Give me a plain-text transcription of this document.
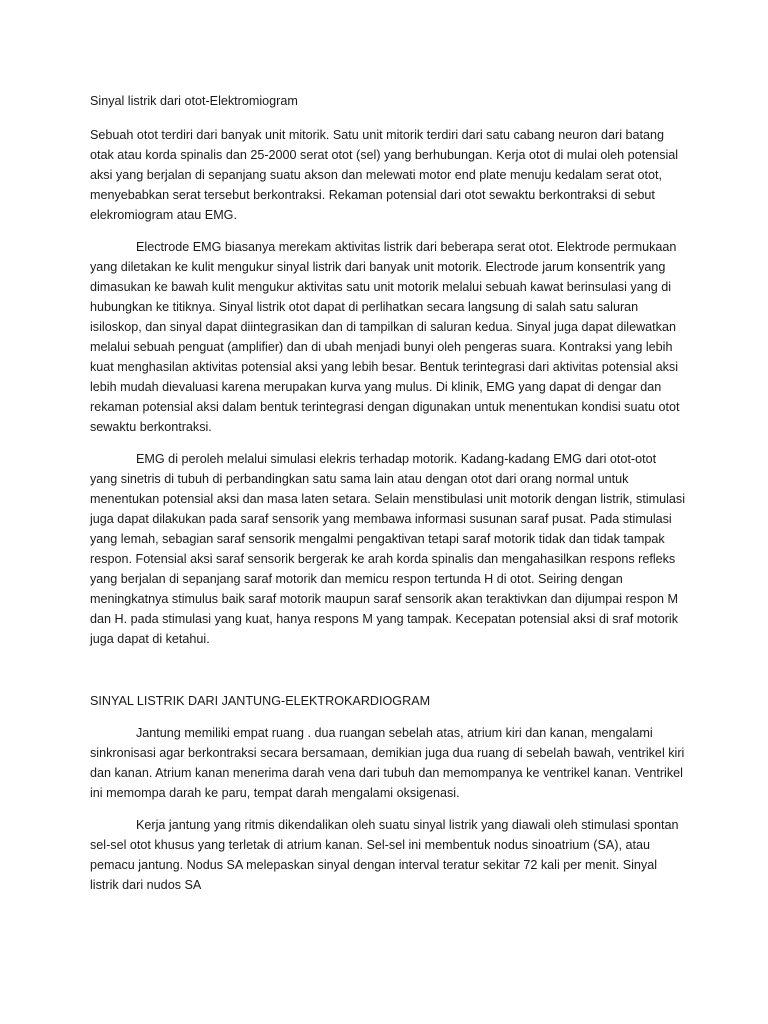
Sinyal listrik dari otot-Elektromiogram

Sebuah otot terdiri dari banyak unit mitorik. Satu unit mitorik terdiri dari satu cabang neuron dari batang otak atau korda spinalis dan 25-2000 serat otot (sel) yang berhubungan. Kerja otot di mulai oleh potensial aksi yang berjalan di sepanjang suatu akson dan melewati motor end plate menuju kedalam serat otot, menyebabkan serat tersebut berkontraksi. Rekaman potensial dari otot sewaktu berkontraksi di sebut elekromiogram atau EMG.

Electrode EMG biasanya merekam aktivitas listrik dari beberapa serat otot. Elektrode permukaan yang diletakan ke kulit mengukur sinyal listrik dari banyak unit motorik. Electrode jarum konsentrik yang dimasukan ke bawah kulit mengukur aktivitas satu unit motorik melalui sebuah kawat berinsulasi yang di hubungkan ke titiknya. Sinyal listrik otot dapat di perlihatkan secara langsung di salah satu saluran isiloskop, dan sinyal dapat diintegrasikan dan di tampilkan di saluran kedua. Sinyal juga dapat dilewatkan melalui sebuah penguat (amplifier) dan di ubah menjadi bunyi oleh pengeras suara. Kontraksi yang lebih kuat menghasilan aktivitas potensial aksi yang lebih besar. Bentuk terintegrasi dari aktivitas potensial aksi lebih mudah dievaluasi karena merupakan kurva yang mulus. Di klinik, EMG yang dapat di dengar dan rekaman potensial aksi dalam bentuk terintegrasi dengan digunakan untuk menentukan kondisi suatu otot sewaktu berkontraksi.

EMG di peroleh melalui simulasi elekris terhadap motorik. Kadang-kadang EMG dari otot-otot yang sinetris di tubuh di perbandingkan satu sama lain atau dengan otot dari orang normal untuk menentukan potensial aksi dan masa laten setara. Selain menstibulasi unit motorik dengan listrik, stimulasi juga dapat dilakukan pada saraf sensorik yang membawa informasi susunan saraf pusat. Pada stimulasi yang lemah, sebagian saraf sensorik mengalmi pengaktivan tetapi saraf motorik tidak dan tidak tampak respon. Fotensial aksi saraf sensorik bergerak ke arah korda spinalis dan mengahasilkan respons refleks yang berjalan di sepanjang saraf motorik dan memicu respon tertunda H di otot. Seiring dengan meningkatnya stimulus baik saraf motorik maupun saraf sensorik akan teraktivkan dan dijumpai respon M dan H. pada stimulasi yang kuat, hanya respons M yang tampak. Kecepatan potensial aksi di sraf motorik juga dapat di ketahui.

SINYAL LISTRIK DARI JANTUNG-ELEKTROKARDIOGRAM

Jantung memiliki empat ruang . dua ruangan sebelah atas, atrium kiri dan kanan, mengalami sinkronisasi agar berkontraksi secara bersamaan, demikian juga dua ruang di sebelah bawah, ventrikel kiri dan kanan. Atrium kanan menerima darah vena dari tubuh dan memompanya ke ventrikel kanan. Ventrikel ini memompa darah ke paru, tempat darah mengalami oksigenasi.

Kerja jantung yang ritmis dikendalikan oleh suatu sinyal listrik yang diawali oleh stimulasi spontan sel-sel otot khusus yang terletak di atrium kanan. Sel-sel ini membentuk nodus sinoatrium (SA), atau pemacu jantung. Nodus SA melepaskan sinyal dengan interval teratur sekitar 72 kali per menit. Sinyal listrik dari nudos SA
